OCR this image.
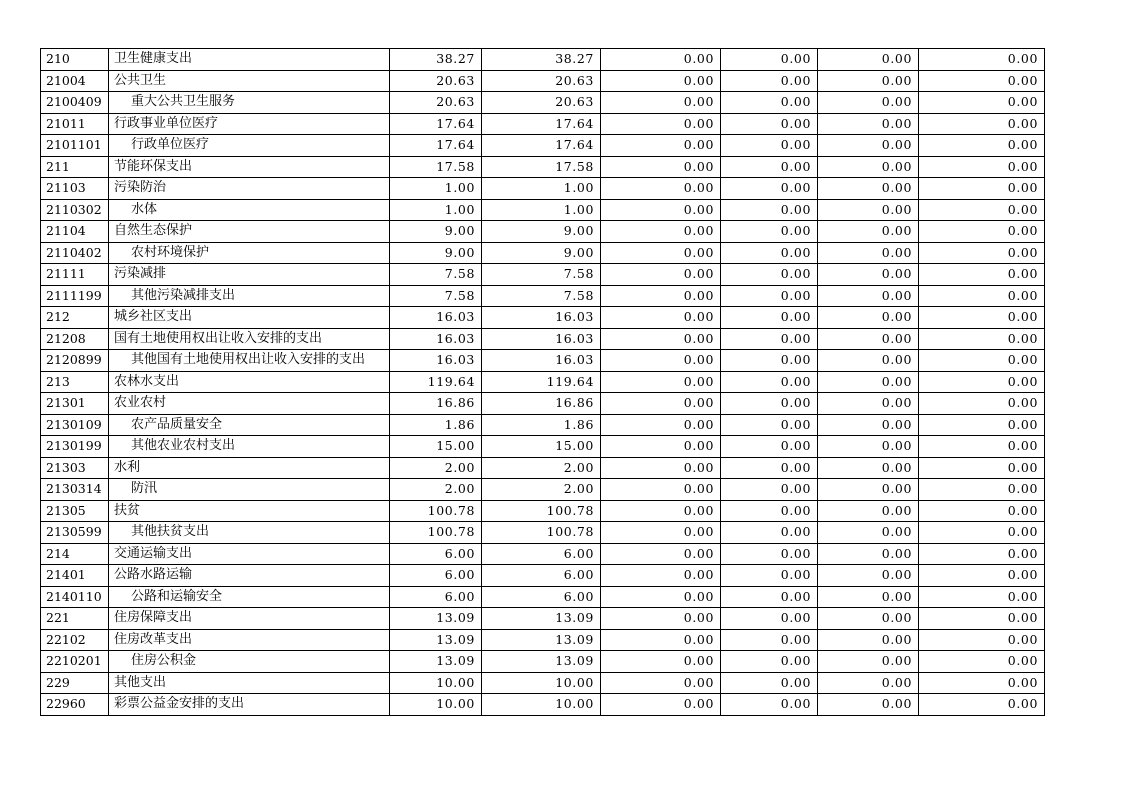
210	卫生健康支出	38.27	38.27	0.00	0.00	0.00	0.00
21004	公共卫生	20.63	20.63	0.00	0.00	0.00	0.00
2100409	重大公共卫生服务	20.63	20.63	0.00	0.00	0.00	0.00
21011	行政事业单位医疗	17.64	17.64	0.00	0.00	0.00	0.00
2101101	行政单位医疗	17.64	17.64	0.00	0.00	0.00	0.00
211	节能环保支出	17.58	17.58	0.00	0.00	0.00	0.00
21103	污染防治	1.00	1.00	0.00	0.00	0.00	0.00
2110302	水体	1.00	1.00	0.00	0.00	0.00	0.00
21104	自然生态保护	9.00	9.00	0.00	0.00	0.00	0.00
2110402	农村环境保护	9.00	9.00	0.00	0.00	0.00	0.00
21111	污染减排	7.58	7.58	0.00	0.00	0.00	0.00
2111199	其他污染减排支出	7.58	7.58	0.00	0.00	0.00	0.00
212	城乡社区支出	16.03	16.03	0.00	0.00	0.00	0.00
21208	国有土地使用权出让收入安排的支出	16.03	16.03	0.00	0.00	0.00	0.00
2120899	其他国有土地使用权出让收入安排的支出	16.03	16.03	0.00	0.00	0.00	0.00
213	农林水支出	119.64	119.64	0.00	0.00	0.00	0.00
21301	农业农村	16.86	16.86	0.00	0.00	0.00	0.00
2130109	农产品质量安全	1.86	1.86	0.00	0.00	0.00	0.00
2130199	其他农业农村支出	15.00	15.00	0.00	0.00	0.00	0.00
21303	水利	2.00	2.00	0.00	0.00	0.00	0.00
2130314	防汛	2.00	2.00	0.00	0.00	0.00	0.00
21305	扶贫	100.78	100.78	0.00	0.00	0.00	0.00
2130599	其他扶贫支出	100.78	100.78	0.00	0.00	0.00	0.00
214	交通运输支出	6.00	6.00	0.00	0.00	0.00	0.00
21401	公路水路运输	6.00	6.00	0.00	0.00	0.00	0.00
2140110	公路和运输安全	6.00	6.00	0.00	0.00	0.00	0.00
221	住房保障支出	13.09	13.09	0.00	0.00	0.00	0.00
22102	住房改革支出	13.09	13.09	0.00	0.00	0.00	0.00
2210201	住房公积金	13.09	13.09	0.00	0.00	0.00	0.00
229	其他支出	10.00	10.00	0.00	0.00	0.00	0.00
22960	彩票公益金安排的支出	10.00	10.00	0.00	0.00	0.00	0.00
